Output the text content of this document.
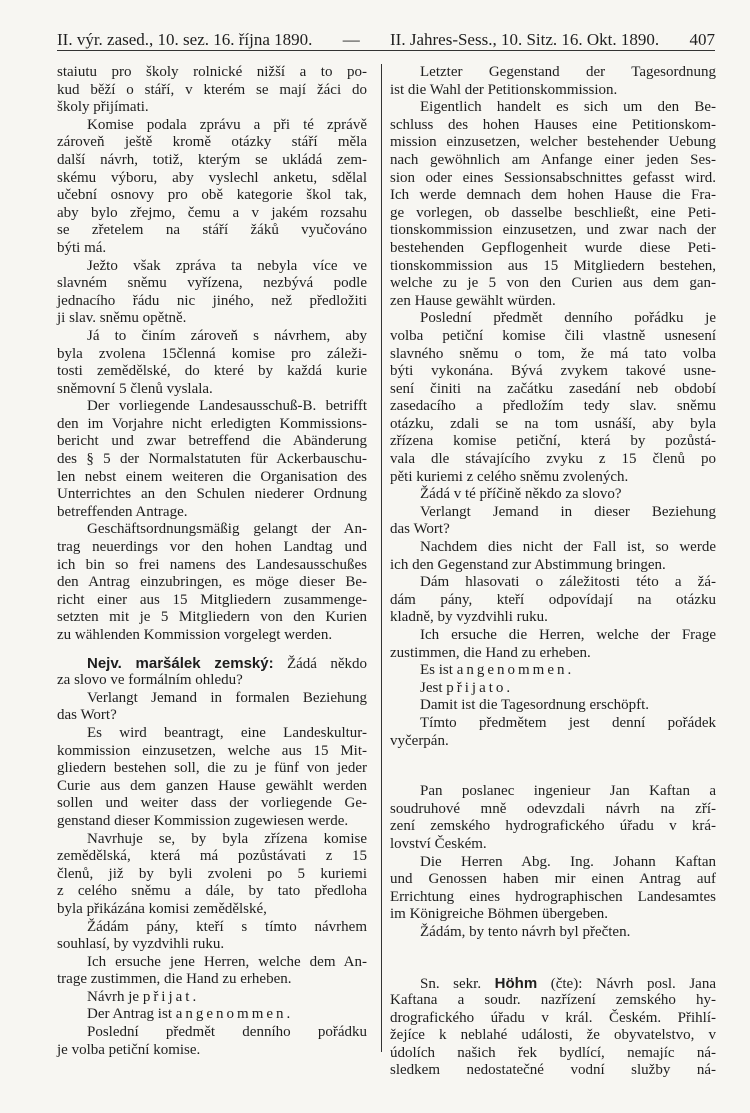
II. výr. zased., 10. sez. 16. října 1890. — II. Jahres-Sess., 10. Sitz. 16. Okt. 1890. 407
staiutu pro školy rolnické nižší a to po-
kud běží o stáří, v kterém se mají žáci do
školy přijímati.
Komise podala zprávu a při té zprávě
zároveň ještě kromě otázky stáří měla
další návrh, totiž, kterým se ukládá zem-
skému výboru, aby vyslechl anketu, sdělal
učební osnovy pro obě kategorie škol tak,
aby bylo zřejmo, čemu a v jakém rozsahu
se zřetelem na stáří žáků vyučováno
býti má.
Ježto však zpráva ta nebyla více ve
slavném sněmu vyřízena, nezbývá podle
jednacího řádu nic jiného, než předložiti
ji slav. sněmu opětně.
Já to činím zároveň s návrhem, aby
byla zvolena 15členná komise pro záleži-
tosti zemědělské, do které by každá kurie
sněmovní 5 členů vyslala.
Der vorliegende Landesausschuß-B. betrifft
den im Vorjahre nicht erledigten Kommissions-
bericht und zwar betreffend die Abänderung
des § 5 der Normalstatuten für Ackerbauschu-
len nebst einem weiteren die Organisation des
Unterrichtes an den Schulen niederer Ordnung
betreffenden Antrage.
Geschäftsordnungsmäßig gelangt der An-
trag neuerdings vor den hohen Landtag und
ich bin so frei namens des Landesausschußes
den Antrag einzubringen, es möge dieser Be-
richt einer aus 15 Mitgliedern zusammenge-
setzten mit je 5 Mitgliedern von den Kurien
zu wählenden Kommission vorgelegt werden.
Nejv. maršálek zemský: Žádá někdo
za slovo ve formálním ohledu?
Verlangt Jemand in formalen Beziehung
das Wort?
Es wird beantragt, eine Landeskultur-
kommission einzusetzen, welche aus 15 Mit-
gliedern bestehen soll, die zu je fünf von jeder
Curie aus dem ganzen Hause gewählt werden
sollen und weiter dass der vorliegende Ge-
genstand dieser Kommission zugewiesen werde.
Navrhuje se, by byla zřízena komise
zemědělská, která má pozůstávati z 15
členů, již by byli zvoleni po 5 kuriemi
z celého sněmu a dále, by tato předloha
byla přikázána komisi zemědělské,
Žádám pány, kteří s tímto návrhem
souhlasí, by vyzdvihli ruku.
Ich ersuche jene Herren, welche dem An-
trage zustimmen, die Hand zu erheben.
Návrh je přijat.
Der Antrag ist angenommen.
Poslední předmět denního pořádku
je volba petiční komise.
Letzter Gegenstand der Tagesordnung
ist die Wahl der Petitionskommission.
Eigentlich handelt es sich um den Be-
schluss des hohen Hauses eine Petitionskom-
mission einzusetzen, welcher bestehender Uebung
nach gewöhnlich am Anfange einer jeden Ses-
sion oder eines Sessionsabschnittes gefasst wird.
Ich werde demnach dem hohen Hause die Fra-
ge vorlegen, ob dasselbe beschließt, eine Peti-
tionskommission einzusetzen, und zwar nach der
bestehenden Gepflogenheit wurde diese Peti-
tionskommission aus 15 Mitgliedern bestehen,
welche zu je 5 von den Curien aus dem gan-
zen Hause gewählt würden.
Poslední předmět denního pořádku je
volba petiční komise čili vlastně usnesení
slavného sněmu o tom, že má tato volba
býti vykonána. Bývá zvykem takové usne-
sení činiti na začátku zasedání neb období
zasedacího a předložím tedy slav. sněmu
otázku, zdali se na tom usnáší, aby byla
zřízena komise petiční, která by pozůstá-
vala dle stávajícího zvyku z 15 členů po
pěti kuriemi z celého sněmu zvolených.
Žádá v té příčině někdo za slovo?
Verlangt Jemand in dieser Beziehung
das Wort?
Nachdem dies nicht der Fall ist, so werde
ich den Gegenstand zur Abstimmung bringen.
Dám hlasovati o záležitosti této a žá-
dám pány, kteří odpovídají na otázku
kladně, by vyzdvihli ruku.
Ich ersuche die Herren, welche der Frage
zustimmen, die Hand zu erheben.
Es ist angenommen.
Jest přijato.
Damit ist die Tagesordnung erschöpft.
Tímto předmětem jest denní pořádek
vyčerpán.
Pan poslanec ingenieur Jan Kaftan a
soudruhové mně odevzdali návrh na zří-
zení zemského hydrografického úřadu v krá-
lovství Českém.
Die Herren Abg. Ing. Johann Kaftan
und Genossen haben mir einen Antrag auf
Errichtung eines hydrographischen Landesamtes
im Königreiche Böhmen übergeben.
Žádám, by tento návrh byl přečten.
Sn. sekr. Höhm (čte): Návrh posl. Jana
Kaftana a soudr. nazřízení zemského hy-
drografického úřadu v král. Českém. Přihlí-
žejíce k neblahé události, že obyvatelstvo, v
údolích našich řek bydlící, nemajíc ná-
sledkem nedostatečné vodní služby ná-
